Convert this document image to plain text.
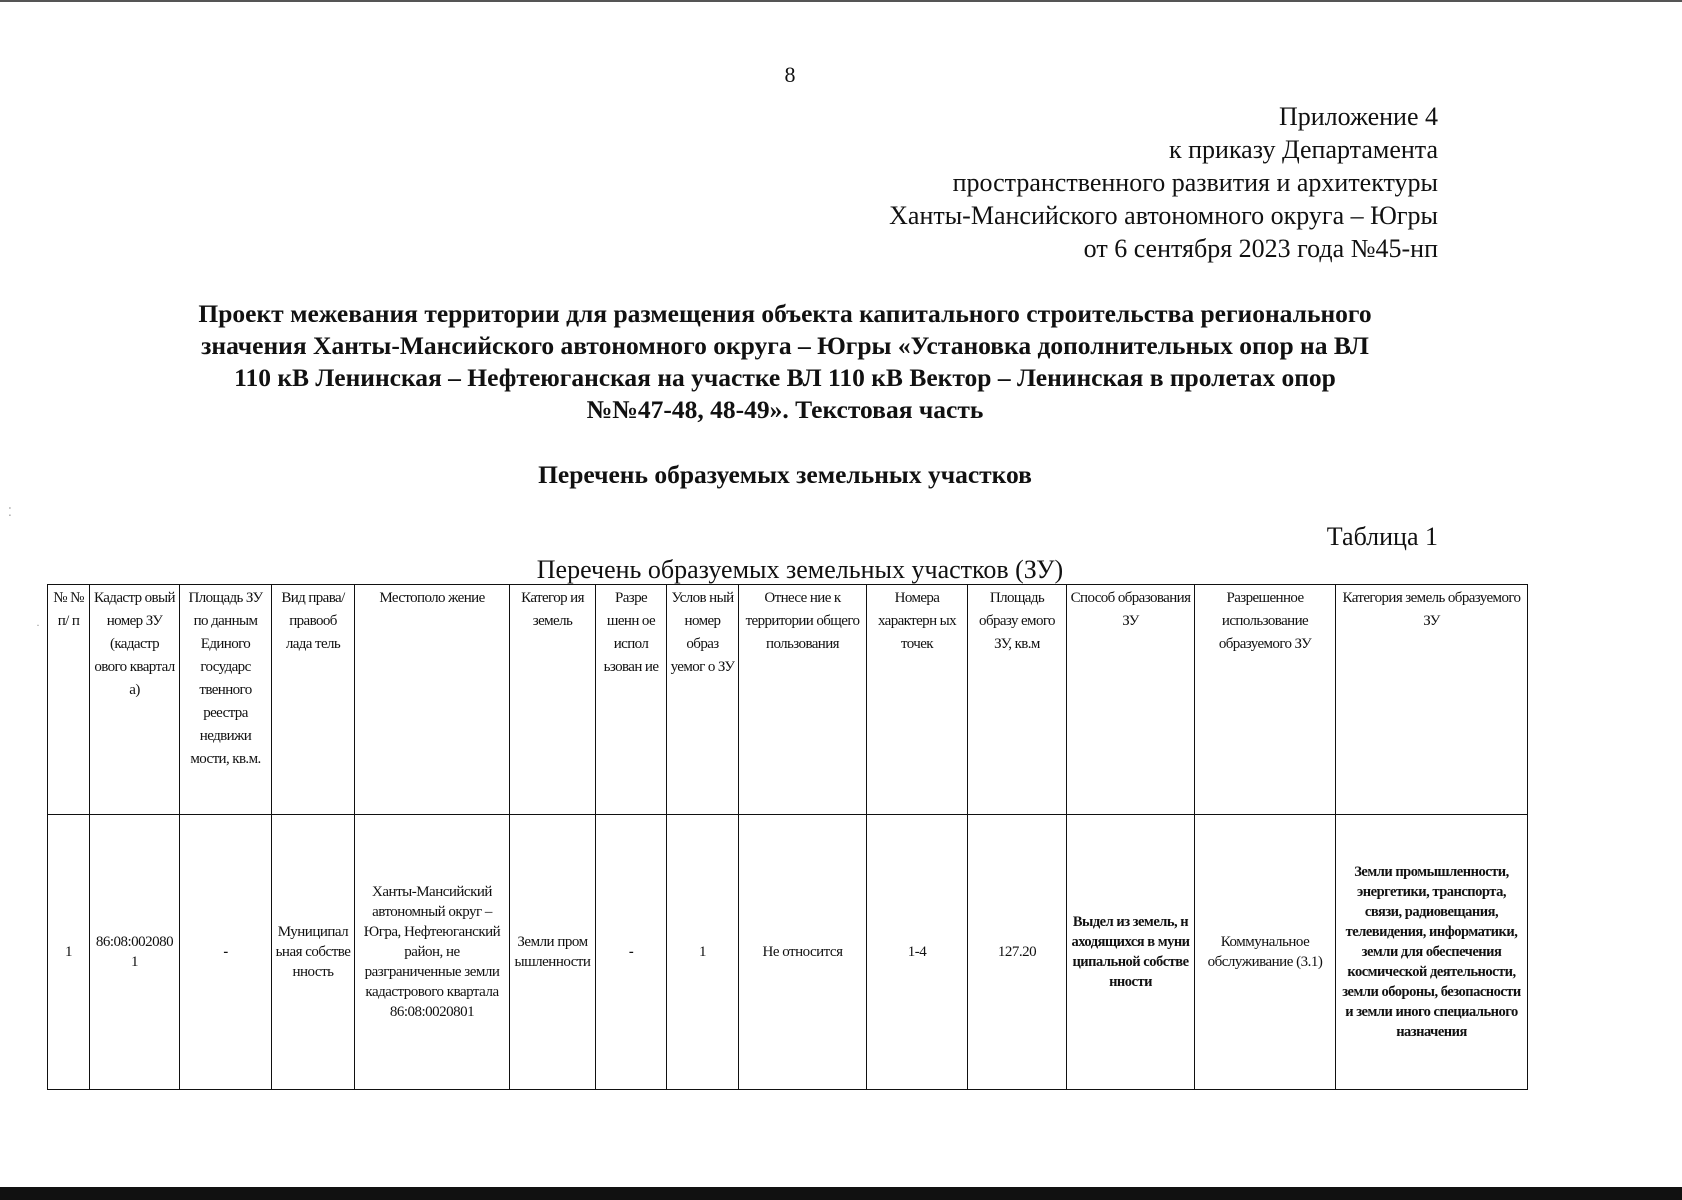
8
Приложение 4
к приказу Департамента
пространственного развития и архитектуры
Ханты-Мансийского автономного округа – Югры
от 6 сентября 2023 года №45-нп
Проект межевания территории для размещения объекта капитального строительства регионального
значения Ханты-Мансийского автономного округа – Югры «Установка дополнительных опор на ВЛ
110 кВ Ленинская – Нефтеюганская на участке ВЛ 110 кВ Вектор – Ленинская в пролетах опор
№№47-48, 48-49». Текстовая часть
Перечень образуемых земельных участков
Таблица 1
Перечень образуемых земельных участков (ЗУ)
⁚
·
№ № п/ п	Кадастр овый номер ЗУ (кадастр ового квартал а)	Площадь ЗУ по данным Единого государс твенного реестра недвижи мости, кв.м.	Вид права/ правооб лада тель	Местополо жение	Категор ия земель	Разре шенн ое испол ьзован ие	Услов ный номер образ уемог о ЗУ	Отнесе ние к территории общего пользования	Номера характерн ых точек	Площадь образу емого ЗУ, кв.м	Способ образования ЗУ	Разрешенное использование образуемого ЗУ	Категория земель образуемого ЗУ
1	86:08:0020801	-	Муниципальная собственность	Ханты-Мансийский автономный округ – Югра, Нефтеюганский район, не разграниченные земли кадастрового квартала 86:08:0020801	Земли промышленности	-	1	Не относится	1-4	127.20	Выдел из земель, находящихся в муниципальной собственности	Коммунальное обслуживание (3.1)	Земли промышленности, энергетики, транспорта, связи, радиовещания, телевидения, информатики, земли для обеспечения космической деятельности, земли обороны, безопасности и земли иного специального назначения
